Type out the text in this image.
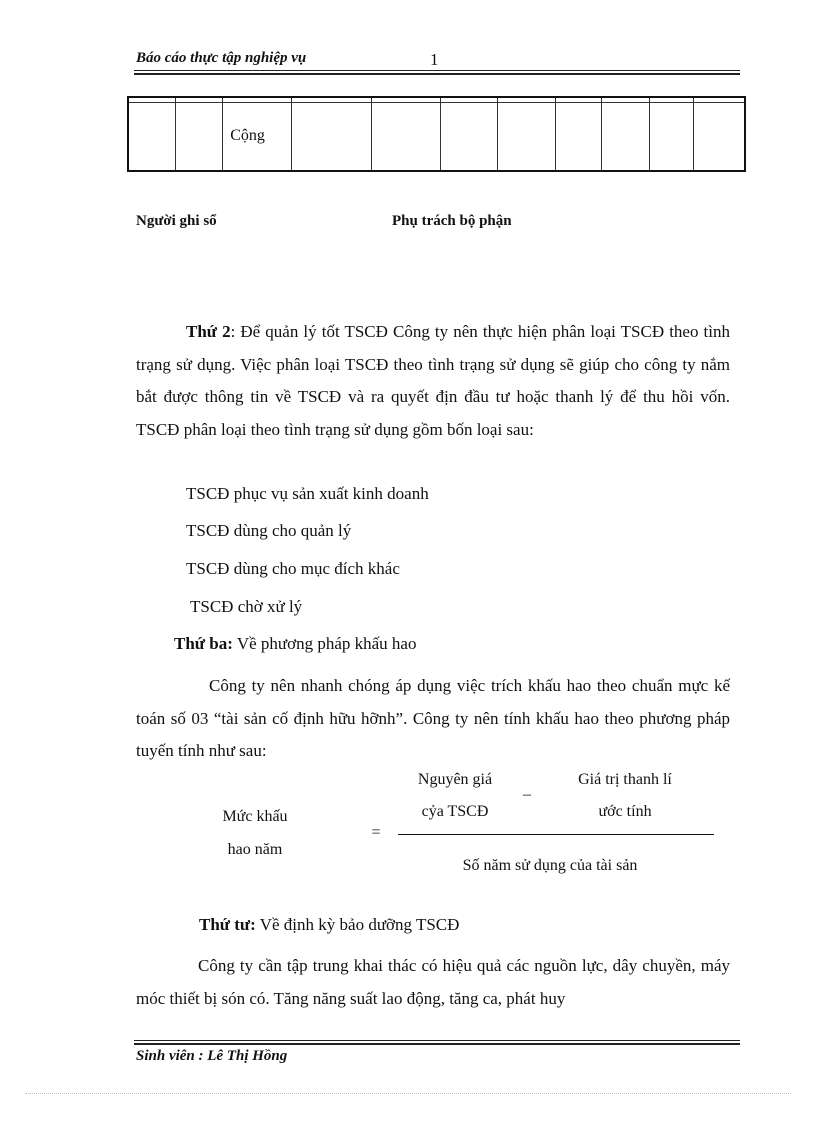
Báo cáo thực tập nghiệp vụ	1

		Cộng								
Người ghi sổ	Phụ trách bộ phận
Thứ 2: Để quản lý tốt TSCĐ Công ty nên thực hiện phân loại TSCĐ theo tình trạng sử dụng. Việc phân loại TSCĐ theo tình trạng sử dụng sẽ giúp cho công ty nắm bắt được thông tin về TSCĐ và ra quyết địn đầu tư hoặc thanh lý để thu hồi vốn. TSCĐ phân loại theo tình trạng sử dụng gồm bốn loại sau:
TSCĐ phục vụ sản xuất kinh doanh
TSCĐ dùng cho quản lý
TSCĐ dùng cho mục đích khác
TSCĐ chờ xử lý
Thứ ba: Về phương pháp khấu hao
Công ty nên nhanh chóng áp dụng việc trích khấu hao theo chuẩn mực kế toán số 03 “tài sản cố định hữu hỡnh”. Công ty nên tính khấu hao theo phương pháp tuyến tính như sau:
Mức khấu
hao năm
=
Nguyên giá
cỷa TSCĐ
–
Giá trị thanh lí
ước tính
Số năm sử dụng của tài sản
Thứ tư: Về định kỳ bảo dưỡng TSCĐ
Công ty cần tập trung khai thác có hiệu quả các nguồn lực, dây chuyền, máy móc thiết bị són có. Tăng năng suất lao động, tăng ca, phát huy
Sinh viên : Lê Thị Hồng
